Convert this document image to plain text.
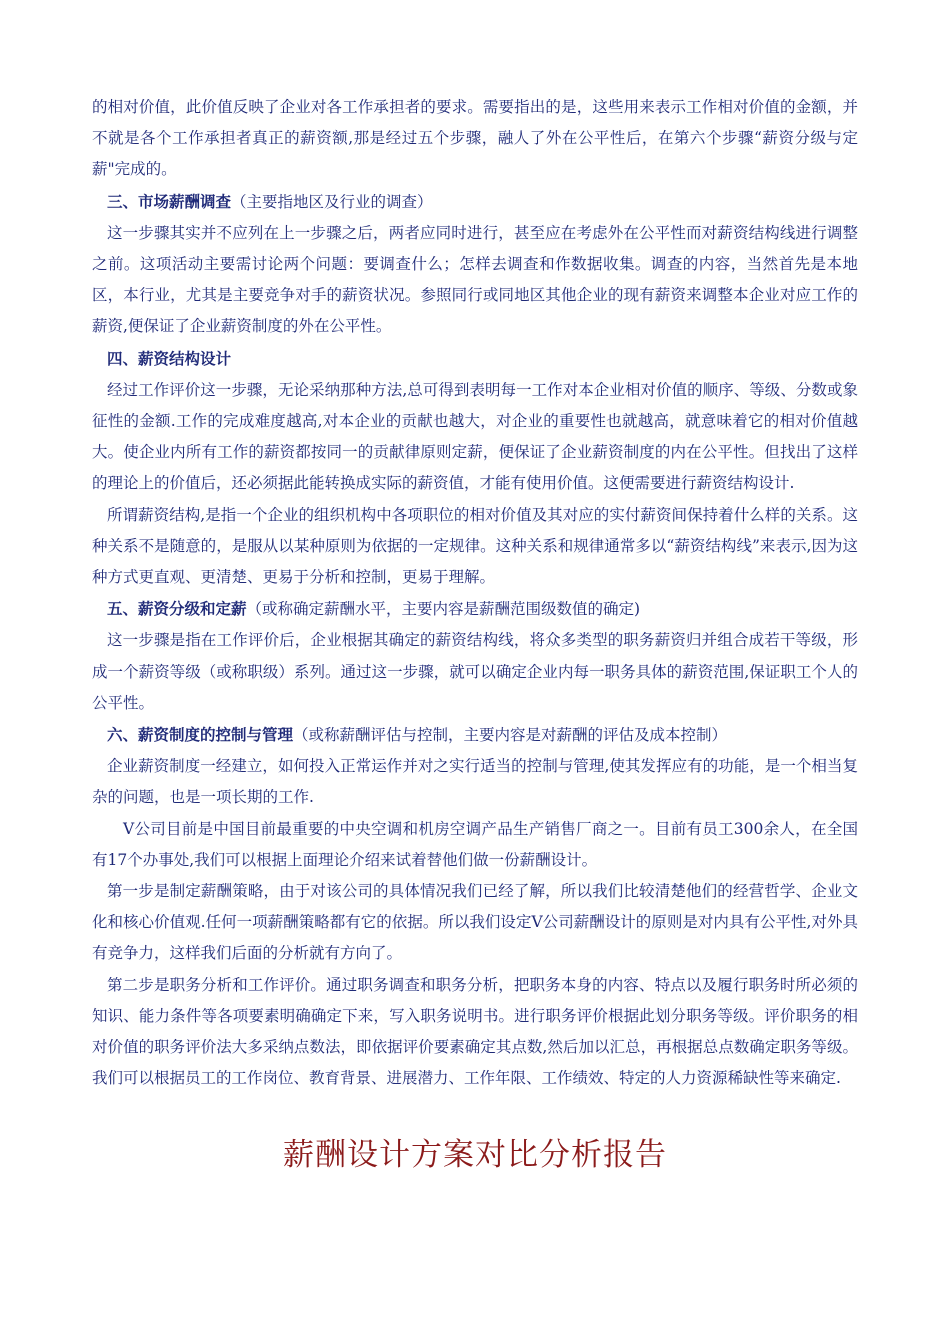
的相对价值，此价值反映了企业对各工作承担者的要求。需要指出的是，这些用来表示工作相对价值的金额，并不就是各个工作承担者真正的薪资额,那是经过五个步骤，融人了外在公平性后，在第六个步骤“薪资分级与定薪"完成的。

三、市场薪酬调查（主要指地区及行业的调查）

这一步骤其实并不应列在上一步骤之后，两者应同时进行，甚至应在考虑外在公平性而对薪资结构线进行调整之前。这项活动主要需讨论两个问题：要调查什么；怎样去调查和作数据收集。调查的内容，当然首先是本地区，本行业，尤其是主要竞争对手的薪资状况。参照同行或同地区其他企业的现有薪资来调整本企业对应工作的薪资,便保证了企业薪资制度的外在公平性。

四、薪资结构设计

经过工作评价这一步骤，无论采纳那种方法,总可得到表明每一工作对本企业相对价值的顺序、等级、分数或象征性的金额.工作的完成难度越高,对本企业的贡献也越大，对企业的重要性也就越高，就意味着它的相对价值越大。使企业内所有工作的薪资都按同一的贡献律原则定薪，便保证了企业薪资制度的内在公平性。但找出了这样的理论上的价值后，还必须据此能转换成实际的薪资值，才能有使用价值。这便需要进行薪资结构设计.

所谓薪资结构,是指一个企业的组织机构中各项职位的相对价值及其对应的实付薪资间保持着什么样的关系。这种关系不是随意的，是服从以某种原则为依据的一定规律。这种关系和规律通常多以“薪资结构线”来表示,因为这种方式更直观、更清楚、更易于分析和控制，更易于理解。

五、薪资分级和定薪（或称确定薪酬水平，主要内容是薪酬范围级数值的确定)

这一步骤是指在工作评价后，企业根据其确定的薪资结构线，将众多类型的职务薪资归并组合成若干等级，形成一个薪资等级（或称职级）系列。通过这一步骤，就可以确定企业内每一职务具体的薪资范围,保证职工个人的公平性。

六、薪资制度的控制与管理（或称薪酬评估与控制，主要内容是对薪酬的评估及成本控制）

企业薪资制度一经建立，如何投入正常运作并对之实行适当的控制与管理,使其发挥应有的功能，是一个相当复杂的问题，也是一项长期的工作.

V公司目前是中国目前最重要的中央空调和机房空调产品生产销售厂商之一。目前有员工300余人，在全国有17个办事处,我们可以根据上面理论介绍来试着替他们做一份薪酬设计。

第一步是制定薪酬策略，由于对该公司的具体情况我们已经了解，所以我们比较清楚他们的经营哲学、企业文化和核心价值观.任何一项薪酬策略都有它的依据。所以我们设定V公司薪酬设计的原则是对内具有公平性,对外具有竞争力，这样我们后面的分析就有方向了。

第二步是职务分析和工作评价。通过职务调查和职务分析，把职务本身的内容、特点以及履行职务时所必须的知识、能力条件等各项要素明确确定下来，写入职务说明书。进行职务评价根据此划分职务等级。评价职务的相对价值的职务评价法大多采纳点数法，即依据评价要素确定其点数,然后加以汇总，再根据总点数确定职务等级。我们可以根据员工的工作岗位、教育背景、进展潜力、工作年限、工作绩效、特定的人力资源稀缺性等来确定.

薪酬设计方案对比分析报告
